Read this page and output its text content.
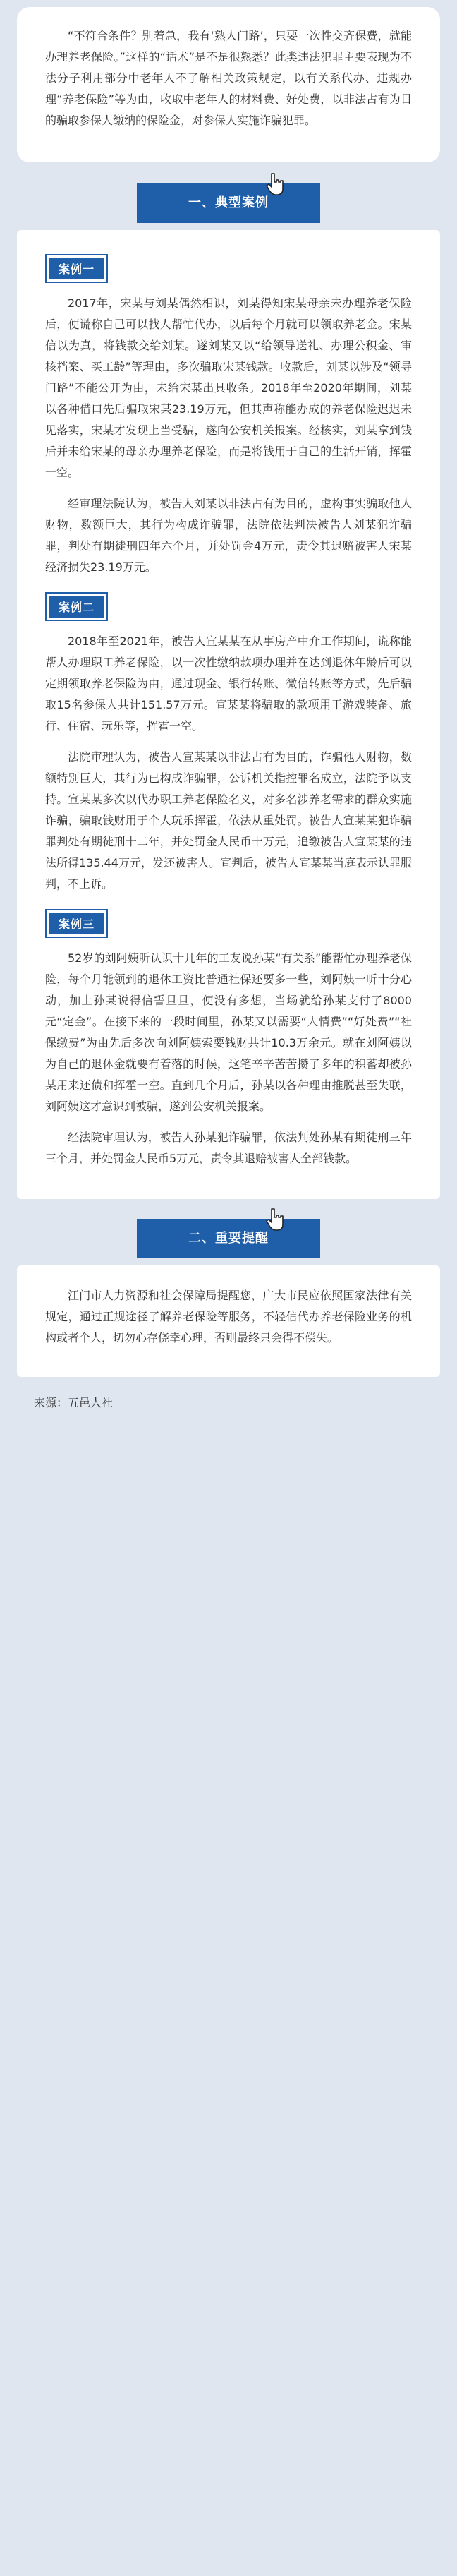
“不符合条件？别着急，我有‘熟人门路’，只要一次性交齐保费，就能办理养老保险。”这样的“话术”是不是很熟悉？此类违法犯罪主要表现为不法分子利用部分中老年人不了解相关政策规定，以有关系代办、违规办理“养老保险”等为由，收取中老年人的材料费、好处费，以非法占有为目的骗取参保人缴纳的保险金，对参保人实施诈骗犯罪。

一、典型案例
案例一

2017年，宋某与刘某偶然相识，刘某得知宋某母亲未办理养老保险后，便谎称自己可以找人帮忙代办，以后每个月就可以领取养老金。宋某信以为真，将钱款交给刘某。遂刘某又以“给领导送礼、办理公积金、审核档案、买工龄”等理由，多次骗取宋某钱款。收款后，刘某以涉及“领导门路”不能公开为由，未给宋某出具收条。2018年至2020年期间，刘某以各种借口先后骗取宋某23.19万元，但其声称能办成的养老保险迟迟未见落实，宋某才发现上当受骗，遂向公安机关报案。经核实，刘某拿到钱后并未给宋某的母亲办理养老保险，而是将钱用于自己的生活开销，挥霍一空。

经审理法院认为，被告人刘某以非法占有为目的，虚构事实骗取他人财物，数额巨大，其行为构成诈骗罪，法院依法判决被告人刘某犯诈骗罪，判处有期徒刑四年六个月，并处罚金4万元，责令其退赔被害人宋某经济损失23.19万元。

案例二

2018年至2021年，被告人宣某某在从事房产中介工作期间，谎称能帮人办理职工养老保险，以一次性缴纳款项办理并在达到退休年龄后可以定期领取养老保险为由，通过现金、银行转账、微信转账等方式，先后骗取15名参保人共计151.57万元。宣某某将骗取的款项用于游戏装备、旅行、住宿、玩乐等，挥霍一空。

法院审理认为，被告人宣某某以非法占有为目的，诈骗他人财物，数额特别巨大，其行为已构成诈骗罪，公诉机关指控罪名成立，法院予以支持。宣某某多次以代办职工养老保险名义，对多名涉养老需求的群众实施诈骗，骗取钱财用于个人玩乐挥霍，依法从重处罚。被告人宣某某犯诈骗罪判处有期徒刑十二年，并处罚金人民币十万元，追缴被告人宣某某的违法所得135.44万元，发还被害人。宣判后，被告人宣某某当庭表示认罪服判，不上诉。

案例三

52岁的刘阿姨听认识十几年的工友说孙某“有关系”能帮忙办理养老保险，每个月能领到的退休工资比普通社保还要多一些，刘阿姨一听十分心动，加上孙某说得信誓旦旦，便没有多想，当场就给孙某支付了8000元“定金”。在接下来的一段时间里，孙某又以需要“人情费”“好处费”“社保缴费”为由先后多次向刘阿姨索要钱财共计10.3万余元。就在刘阿姨以为自己的退休金就要有着落的时候，这笔辛辛苦苦攒了多年的积蓄却被孙某用来还债和挥霍一空。直到几个月后，孙某以各种理由推脱甚至失联，刘阿姨这才意识到被骗，遂到公安机关报案。

经法院审理认为，被告人孙某犯诈骗罪，依法判处孙某有期徒刑三年三个月，并处罚金人民币5万元，责令其退赔被害人全部钱款。

二、重要提醒

江门市人力资源和社会保障局提醒您，广大市民应依照国家法律有关规定，通过正规途径了解养老保险等服务，不轻信代办养老保险业务的机构或者个人，切勿心存侥幸心理，否则最终只会得不偿失。

来源：五邑人社
